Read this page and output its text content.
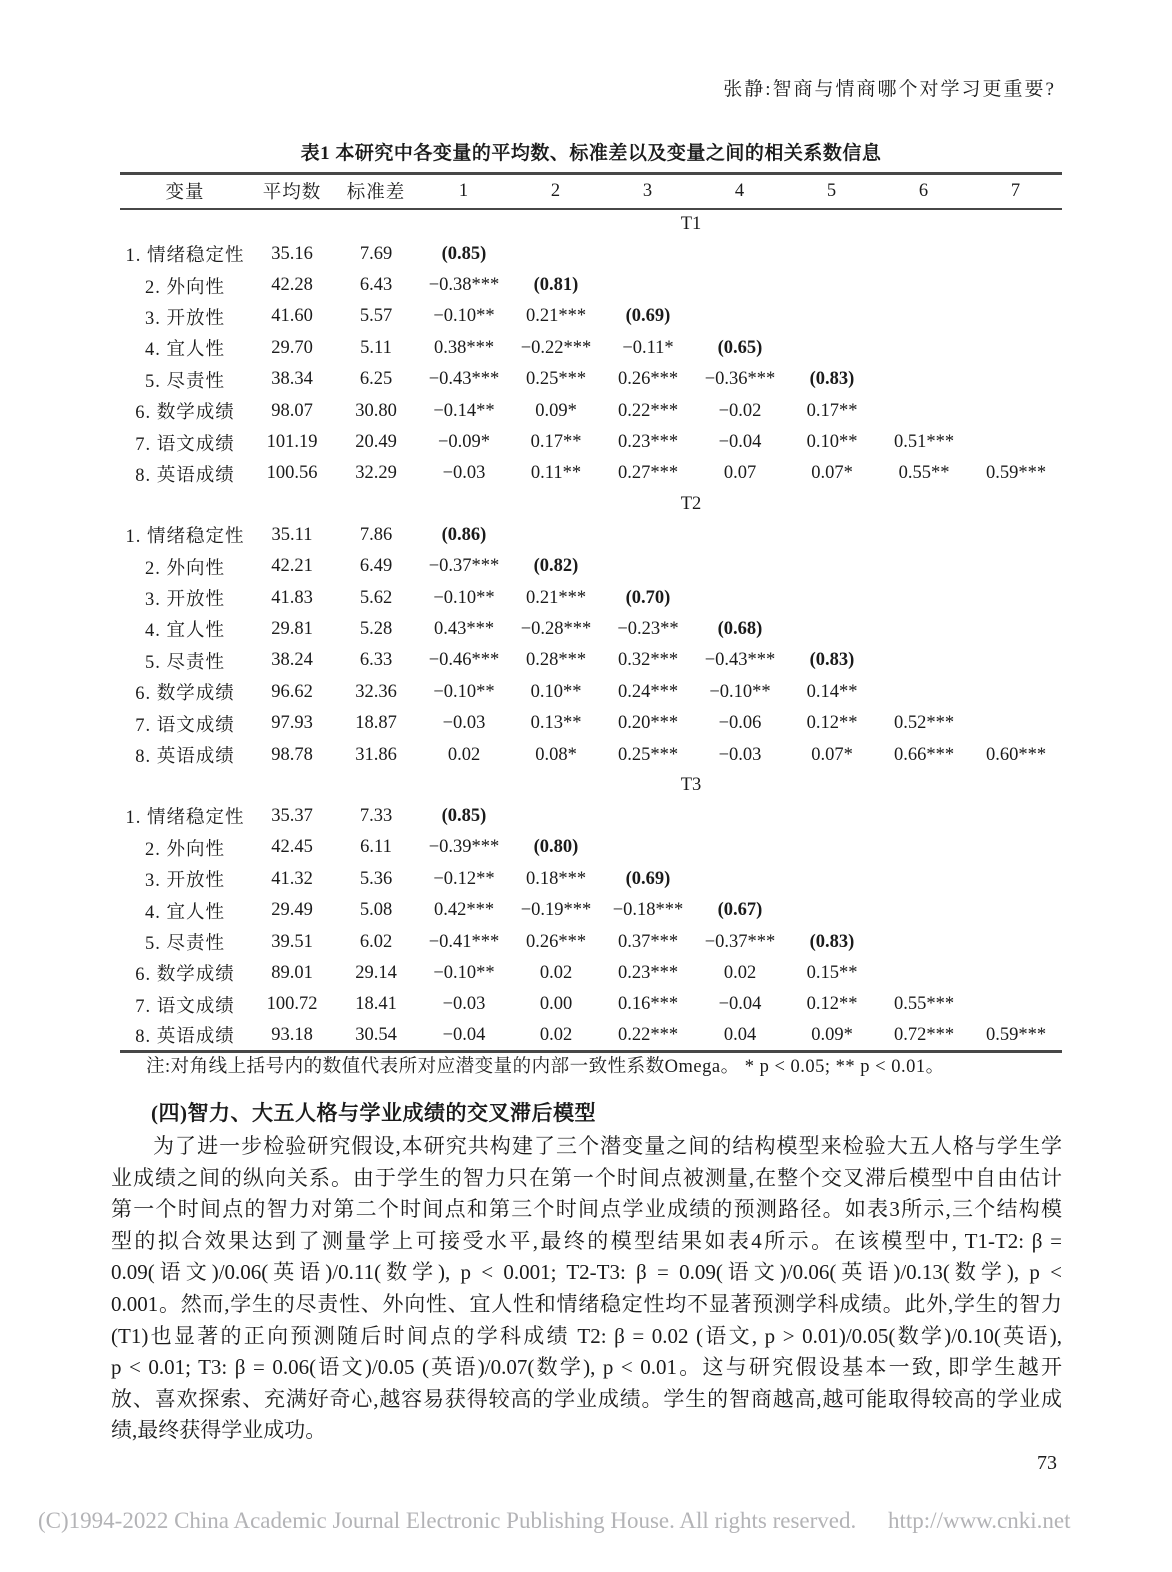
张静:智商与情商哪个对学习更重要?
表1 本研究中各变量的平均数、标准差以及变量之间的相关系数信息
变量	平均数	标准差	1	2	3	4	5	6	7
T1									
1. 情绪稳定性	35.16	7.69	(0.85)						
2. 外向性	42.28	6.43	−0.38***	(0.81)					
3. 开放性	41.60	5.57	−0.10**	0.21***	(0.69)				
4. 宜人性	29.70	5.11	0.38***	−0.22***	−0.11*	(0.65)			
5. 尽责性	38.34	6.25	−0.43***	0.25***	0.26***	−0.36***	(0.83)		
6. 数学成绩	98.07	30.80	−0.14**	0.09*	0.22***	−0.02	0.17**		
7. 语文成绩	101.19	20.49	−0.09*	0.17**	0.23***	−0.04	0.10**	0.51***	
8. 英语成绩	100.56	32.29	−0.03	0.11**	0.27***	0.07	0.07*	0.55**	0.59***
T2									
1. 情绪稳定性	35.11	7.86	(0.86)						
2. 外向性	42.21	6.49	−0.37***	(0.82)					
3. 开放性	41.83	5.62	−0.10**	0.21***	(0.70)				
4. 宜人性	29.81	5.28	0.43***	−0.28***	−0.23**	(0.68)			
5. 尽责性	38.24	6.33	−0.46***	0.28***	0.32***	−0.43***	(0.83)		
6. 数学成绩	96.62	32.36	−0.10**	0.10**	0.24***	−0.10**	0.14**		
7. 语文成绩	97.93	18.87	−0.03	0.13**	0.20***	−0.06	0.12**	0.52***	
8. 英语成绩	98.78	31.86	0.02	0.08*	0.25***	−0.03	0.07*	0.66***	0.60***
T3									
1. 情绪稳定性	35.37	7.33	(0.85)						
2. 外向性	42.45	6.11	−0.39***	(0.80)					
3. 开放性	41.32	5.36	−0.12**	0.18***	(0.69)				
4. 宜人性	29.49	5.08	0.42***	−0.19***	−0.18***	(0.67)			
5. 尽责性	39.51	6.02	−0.41***	0.26***	0.37***	−0.37***	(0.83)		
6. 数学成绩	89.01	29.14	−0.10**	0.02	0.23***	0.02	0.15**		
7. 语文成绩	100.72	18.41	−0.03	0.00	0.16***	−0.04	0.12**	0.55***	
8. 英语成绩	93.18	30.54	−0.04	0.02	0.22***	0.04	0.09*	0.72***	0.59***
注:对角线上括号内的数值代表所对应潜变量的内部一致性系数Omega。 * p < 0.05; ** p < 0.01。
(四)智力、大五人格与学业成绩的交叉滞后模型
为了进一步检验研究假设,本研究共构建了三个潜变量之间的结构模型来检验大五人格与学生学
业成绩之间的纵向关系。由于学生的智力只在第一个时间点被测量,在整个交叉滞后模型中自由估计
第一个时间点的智力对第二个时间点和第三个时间点学业成绩的预测路径。如表3所示,三个结构模
型的拟合效果达到了测量学上可接受水平,最终的模型结果如表4所示。在该模型中, T1-T2: β =
0.09(语文)/0.06(英语)/0.11(数学), p < 0.001; T2-T3: β = 0.09(语文)/0.06(英语)/0.13(数学), p <
0.001。然而,学生的尽责性、外向性、宜人性和情绪稳定性均不显著预测学科成绩。此外,学生的智力
(T1)也显著的正向预测随后时间点的学科成绩 T2: β = 0.02 (语文, p > 0.01)/0.05(数学)/0.10(英语),
p < 0.01; T3: β = 0.06(语文)/0.05 (英语)/0.07(数学), p < 0.01。这与研究假设基本一致, 即学生越开
放、喜欢探索、充满好奇心,越容易获得较高的学业成绩。学生的智商越高,越可能取得较高的学业成
绩,最终获得学业成功。
73
(C)1994-2022 China Academic Journal Electronic Publishing House. All rights reserved. http://www.cnki.net
